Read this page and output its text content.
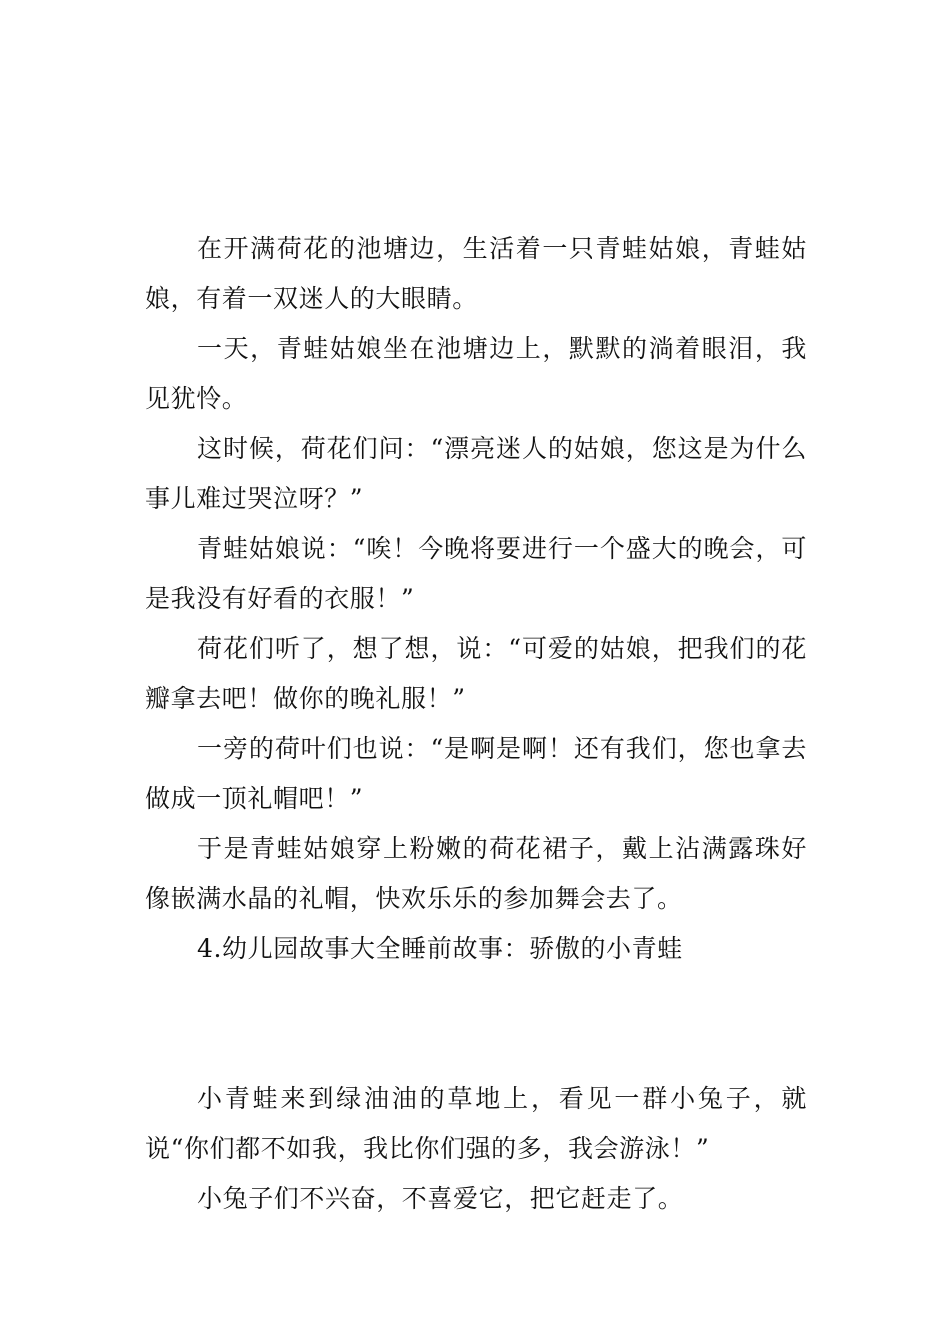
在开满荷花的池塘边，生活着一只青蛙姑娘，青蛙姑娘，有着一双迷人的大眼睛。

一天，青蛙姑娘坐在池塘边上，默默的淌着眼泪，我见犹怜。

这时候，荷花们问：“漂亮迷人的姑娘，您这是为什么事儿难过哭泣呀？”

青蛙姑娘说：“唉！今晚将要进行一个盛大的晚会，可是我没有好看的衣服！”

荷花们听了，想了想，说：“可爱的姑娘，把我们的花瓣拿去吧！做你的晚礼服！”

一旁的荷叶们也说：“是啊是啊！还有我们，您也拿去做成一顶礼帽吧！”

于是青蛙姑娘穿上粉嫩的荷花裙子，戴上沾满露珠好像嵌满水晶的礼帽，快欢乐乐的参加舞会去了。

4.幼儿园故事大全睡前故事：骄傲的小青蛙

小青蛙来到绿油油的草地上，看见一群小兔子，就说“你们都不如我，我比你们强的多，我会游泳！”

小兔子们不兴奋，不喜爱它，把它赶走了。
